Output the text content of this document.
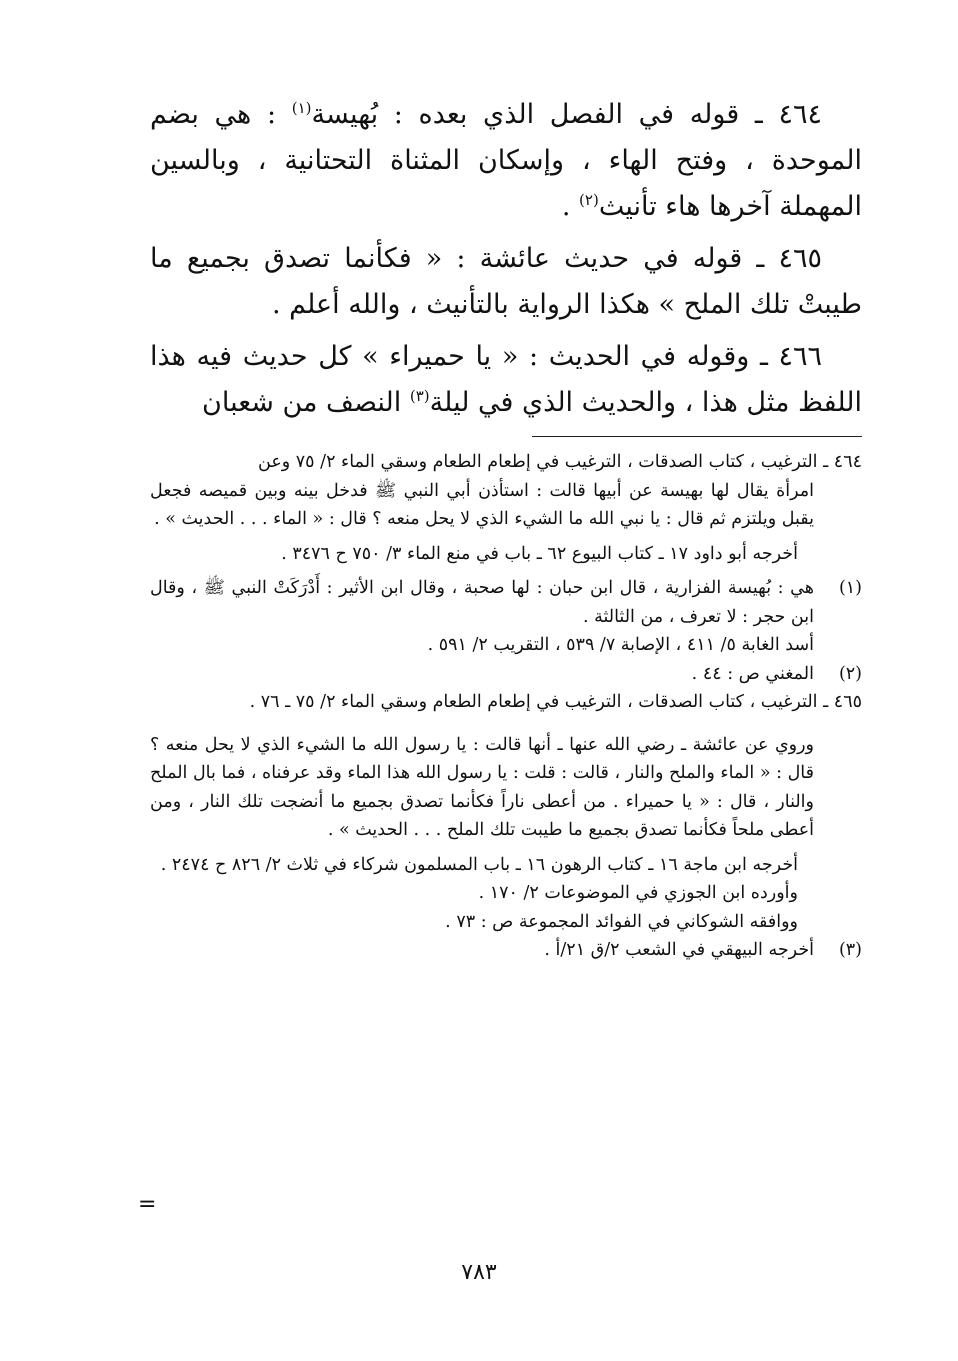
٤٦٤ ـ قوله في الفصل الذي بعده : بُهيسة$^{(١)}$ : هي بضم الموحدة ، وفتح الهاء ، وإسكان المثناة التحتانية ، وبالسين المهملة آخرها هاء تأنيث$^{(٢)}$ .

٤٦٥ ـ قوله في حديث عائشة : « فكأنما تصدق بجميع ما طيبتْ تلك الملح » هكذا الرواية بالتأنيث ، والله أعلم .

٤٦٦ ـ وقوله في الحديث : « يا حميراء » كل حديث فيه هذا اللفظ مثل هذا ، والحديث الذي في ليلة$^{(٣)}$ النصف من شعبان

٤٦٤ ـ الترغيب ، كتاب الصدقات ، الترغيب في إطعام الطعام وسقي الماء ٢/ ٧٥ وعن

امرأة يقال لها بهيسة عن أبيها قالت : استأذن أبي النبي ﷺ فدخل بينه وبين قميصه فجعل يقبل ويلتزم ثم قال : يا نبي الله ما الشيء الذي لا يحل منعه ؟ قال : « الماء . . . الحديث » .

أخرجه أبو داود ١٧ ـ كتاب البيوع ٦٢ ـ باب في منع الماء ٣/ ٧٥٠ ح ٣٤٧٦ .

(١)

هي : بُهيسة الفزارية ، قال ابن حبان : لها صحبة ، وقال ابن الأثير : أَدْرَكَتْ النبي ﷺ ، وقال ابن حجر : لا تعرف ، من الثالثة .

أسد الغابة ٥/ ٤١١ ، الإصابة ٧/ ٥٣٩ ، التقريب ٢/ ٥٩١ .

(٢)

المغني ص : ٤٤ .

٤٦٥ ـ الترغيب ، كتاب الصدقات ، الترغيب في إطعام الطعام وسقي الماء ٢/ ٧٥ ـ ٧٦ .

وروي عن عائشة ـ رضي الله عنها ـ أنها قالت : يا رسول الله ما الشيء الذي لا يحل منعه ؟ قال : « الماء والملح والنار ، قالت : قلت : يا رسول الله هذا الماء وقد عرفناه ، فما بال الملح والنار ، قال : « يا حميراء . من أعطى ناراً فكأنما تصدق بجميع ما أنضجت تلك النار ، ومن أعطى ملحاً فكأنما تصدق بجميع ما طيبت تلك الملح . . . الحديث » .

أخرجه ابن ماجة ١٦ ـ كتاب الرهون ١٦ ـ باب المسلمون شركاء في ثلاث ٢/ ٨٢٦ ح ٢٤٧٤ .

وأورده ابن الجوزي في الموضوعات ٢/ ١٧٠ .

ووافقه الشوكاني في الفوائد المجموعة ص : ٧٣ .

(٣)

أخرجه البيهقي في الشعب ٢/ق ٢١/أ .

=
٧٨٣
